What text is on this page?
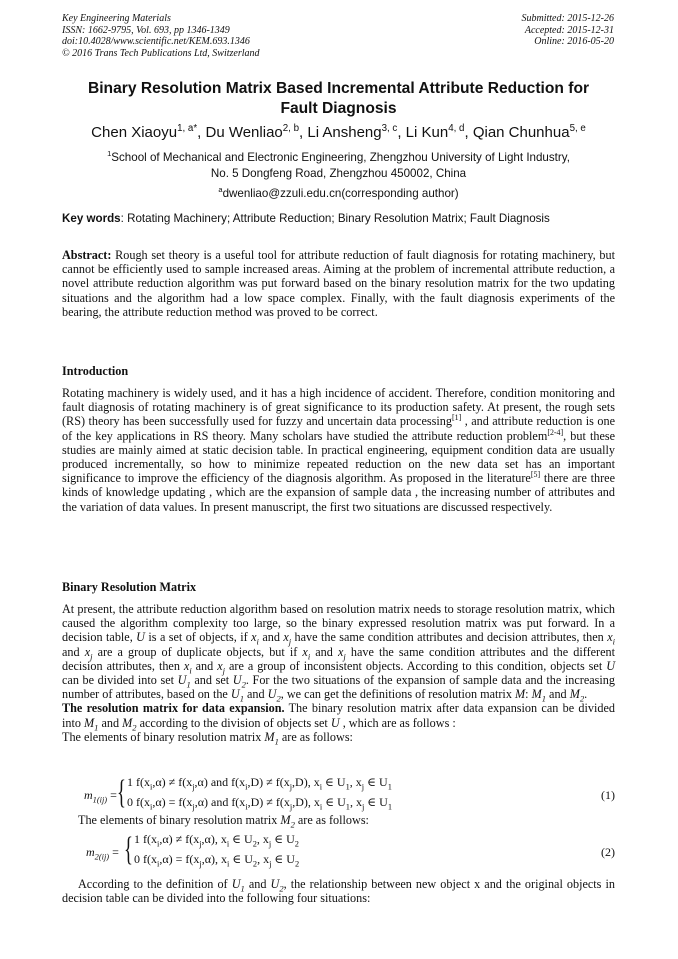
Key Engineering Materials
ISSN: 1662-9795, Vol. 693, pp 1346-1349
doi:10.4028/www.scientific.net/KEM.693.1346
© 2016 Trans Tech Publications Ltd, Switzerland
Submitted: 2015-12-26
Accepted: 2015-12-31
Online: 2016-05-20
Binary Resolution Matrix Based Incremental Attribute Reduction for
Fault Diagnosis
Chen Xiaoyu$^{1, a*}$, Du Wenliao$^{2, b}$, Li Ansheng$^{3, c}$, Li Kun$^{4, d}$, Qian Chunhua$^{5, e}$
$^1$School of Mechanical and Electronic Engineering, Zhengzhou University of Light Industry,
No. 5 Dongfeng Road, Zhengzhou 450002, China
$^a$dwenliao@zzuli.edu.cn(corresponding author)
Key words: Rotating Machinery; Attribute Reduction; Binary Resolution Matrix; Fault Diagnosis
Abstract: Rough set theory is a useful tool for attribute reduction of fault diagnosis for rotating machinery, but cannot be efficiently used to sample increased areas. Aiming at the problem of incremental attribute reduction, a novel attribute reduction algorithm was put forward based on the binary resolution matrix for the two updating situations and the algorithm had a low space complex. Finally, with the fault diagnosis experiments of the bearing, the attribute reduction method was proved to be correct.
Introduction
Rotating machinery is widely used, and it has a high incidence of accident. Therefore, condition monitoring and fault diagnosis of rotating machinery is of great significance to its production safety. At present, the rough sets (RS) theory has been successfully used for fuzzy and uncertain data processing[1] , and attribute reduction is one of the key applications in RS theory. Many scholars have studied the attribute reduction problem[2-4], but these studies are mainly aimed at static decision table. In practical engineering, equipment condition data are usually produced incrementally, so how to minimize repeated reduction on the new data set has an important significance to improve the efficiency of the diagnosis algorithm. As proposed in the literature[5] there are three kinds of knowledge updating , which are the expansion of sample data , the increasing number of attributes and the variation of data values. In present manuscript, the first two situations are discussed respectively.
Binary Resolution Matrix
At present, the attribute reduction algorithm based on resolution matrix needs to storage resolution matrix, which caused the algorithm complexity too large, so the binary expressed resolution matrix was put forward. In a decision table, U is a set of objects, if $x_i$ and $x_j$ have the same condition attributes and decision attributes, then $x_i$ and $x_j$ are a group of duplicate objects, but if $x_i$ and $x_j$ have the same condition attributes and the different decision attributes, then $x_i$ and $x_j$ are a group of inconsistent objects. According to this condition, objects set U can be divided into set $U_1$ and set $U_2$. For the two situations of the expansion of sample data and the increasing number of attributes, based on the $U_1$ and $U_2$, we can get the definitions of resolution matrix M: $M_1$ and $M_2$.
The resolution matrix for data expansion. The binary resolution matrix after data expansion can be divided into $M_1$ and $M_2$ according to the division of objects set U , which are as follows :
The elements of binary resolution matrix $M_1$ are as follows:
$m_{1(ij)}$ = { 1 $f(x_i,\alpha) \ne f(x_j,\alpha)$ and $f(x_i,D) \ne f(x_j,D)$, $x_i$ ∈ $U_1$, $x_j$ ∈ $U_1$
0 $f(x_i,\alpha) = f(x_j,\alpha)$ and $f(x_i,D) \ne f(x_j,D)$, $x_i$ ∈ $U_1$, $x_j$ ∈ $U_1$
(1)

The elements of binary resolution matrix $M_2$ are as follows:

$m_{2(ij)}$ = { 1 $f(x_i,\alpha) \ne f(x_j,\alpha)$, $x_i$ ∈ $U_2$, $x_j$ ∈ $U_2$
0 $f(x_i,\alpha) = f(x_j,\alpha)$, $x_i$ ∈ $U_2$, $x_j$ ∈ $U_2$
(2)

According to the definition of $U_1$ and $U_2$, the relationship between new object x and the original objects in decision table can be divided into the following four situations:
